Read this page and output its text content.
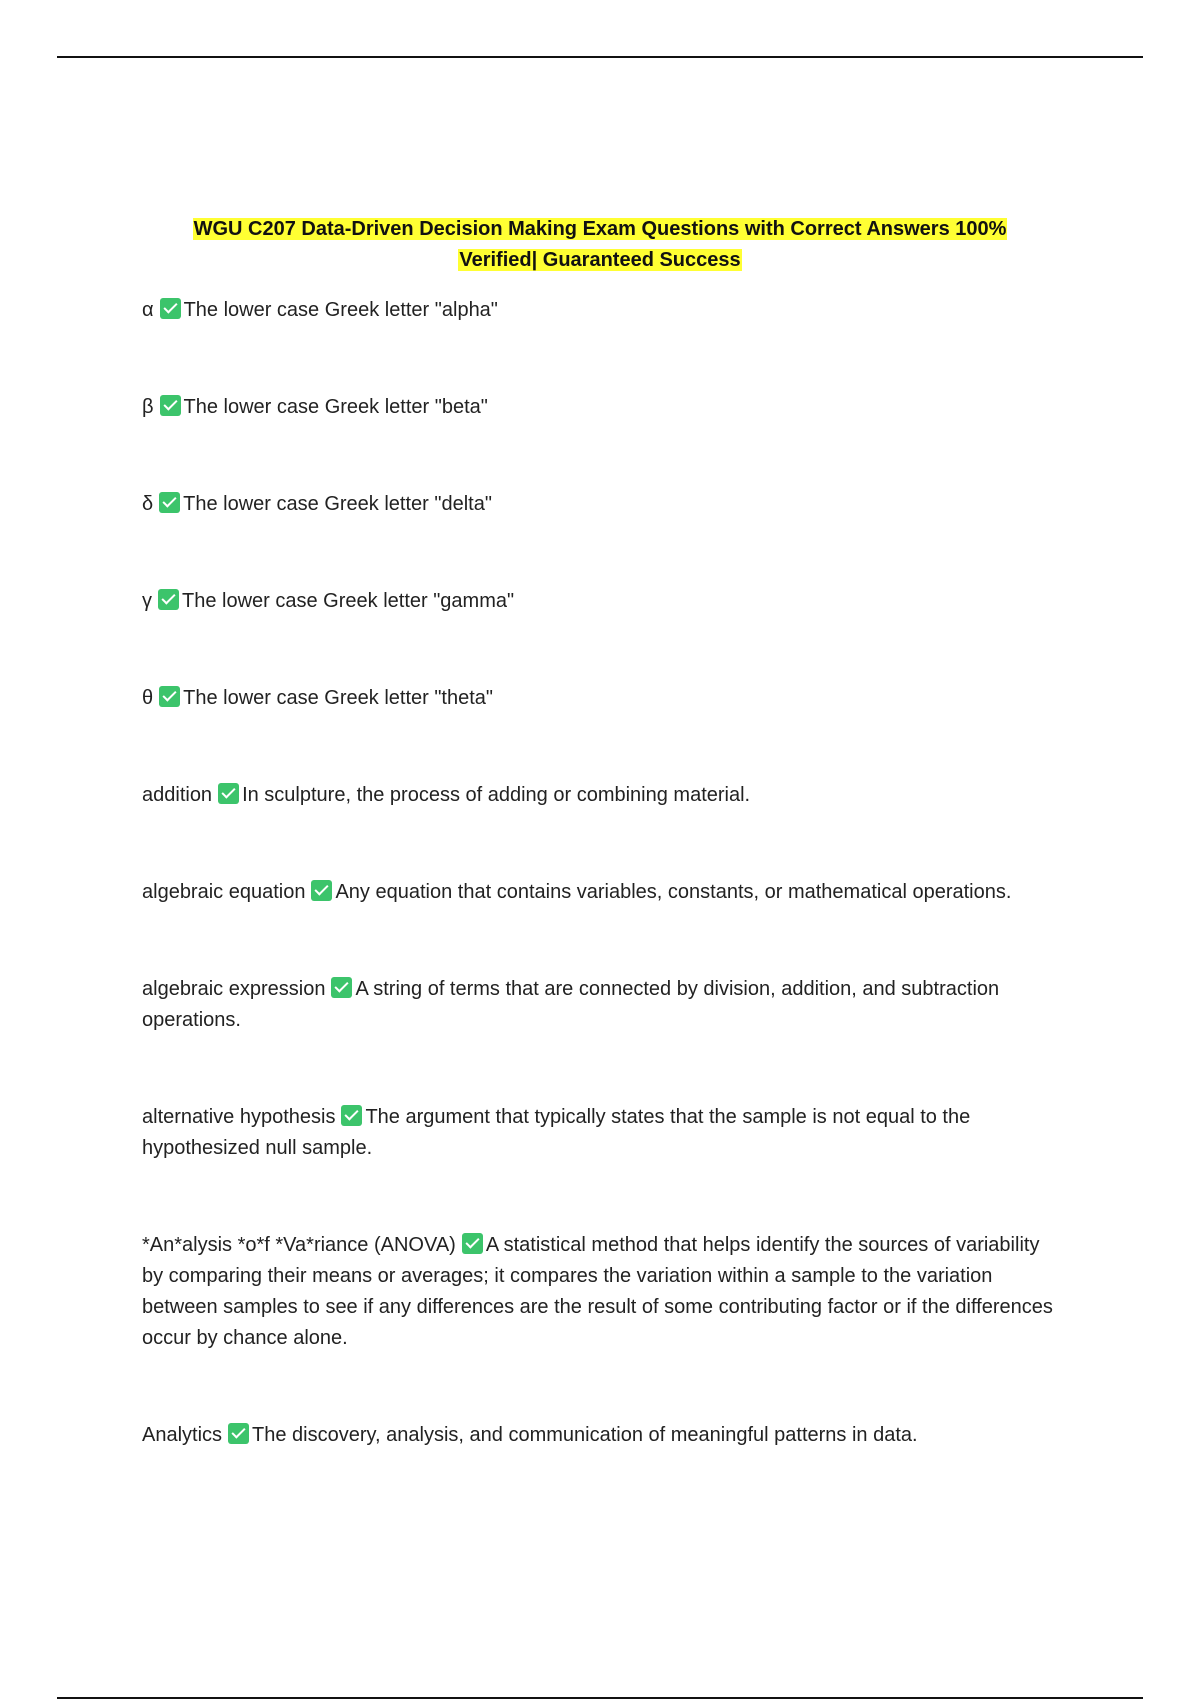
WGU C207 Data-Driven Decision Making Exam Questions with Correct Answers 100%
Verified| Guaranteed Success
α The lower case Greek letter "alpha"
β The lower case Greek letter "beta"
δ The lower case Greek letter "delta"
γ The lower case Greek letter "gamma"
θ The lower case Greek letter "theta"
addition In sculpture, the process of adding or combining material.
algebraic equation Any equation that contains variables, constants, or mathematical operations.
algebraic expression A string of terms that are connected by division, addition, and subtraction operations.
alternative hypothesis The argument that typically states that the sample is not equal to the hypothesized null sample.
*An*alysis *o*f *Va*riance (ANOVA) A statistical method that helps identify the sources of variability by comparing their means or averages; it compares the variation within a sample to the variation between samples to see if any differences are the result of some contributing factor or if the differences occur by chance alone.
Analytics The discovery, analysis, and communication of meaningful patterns in data.
